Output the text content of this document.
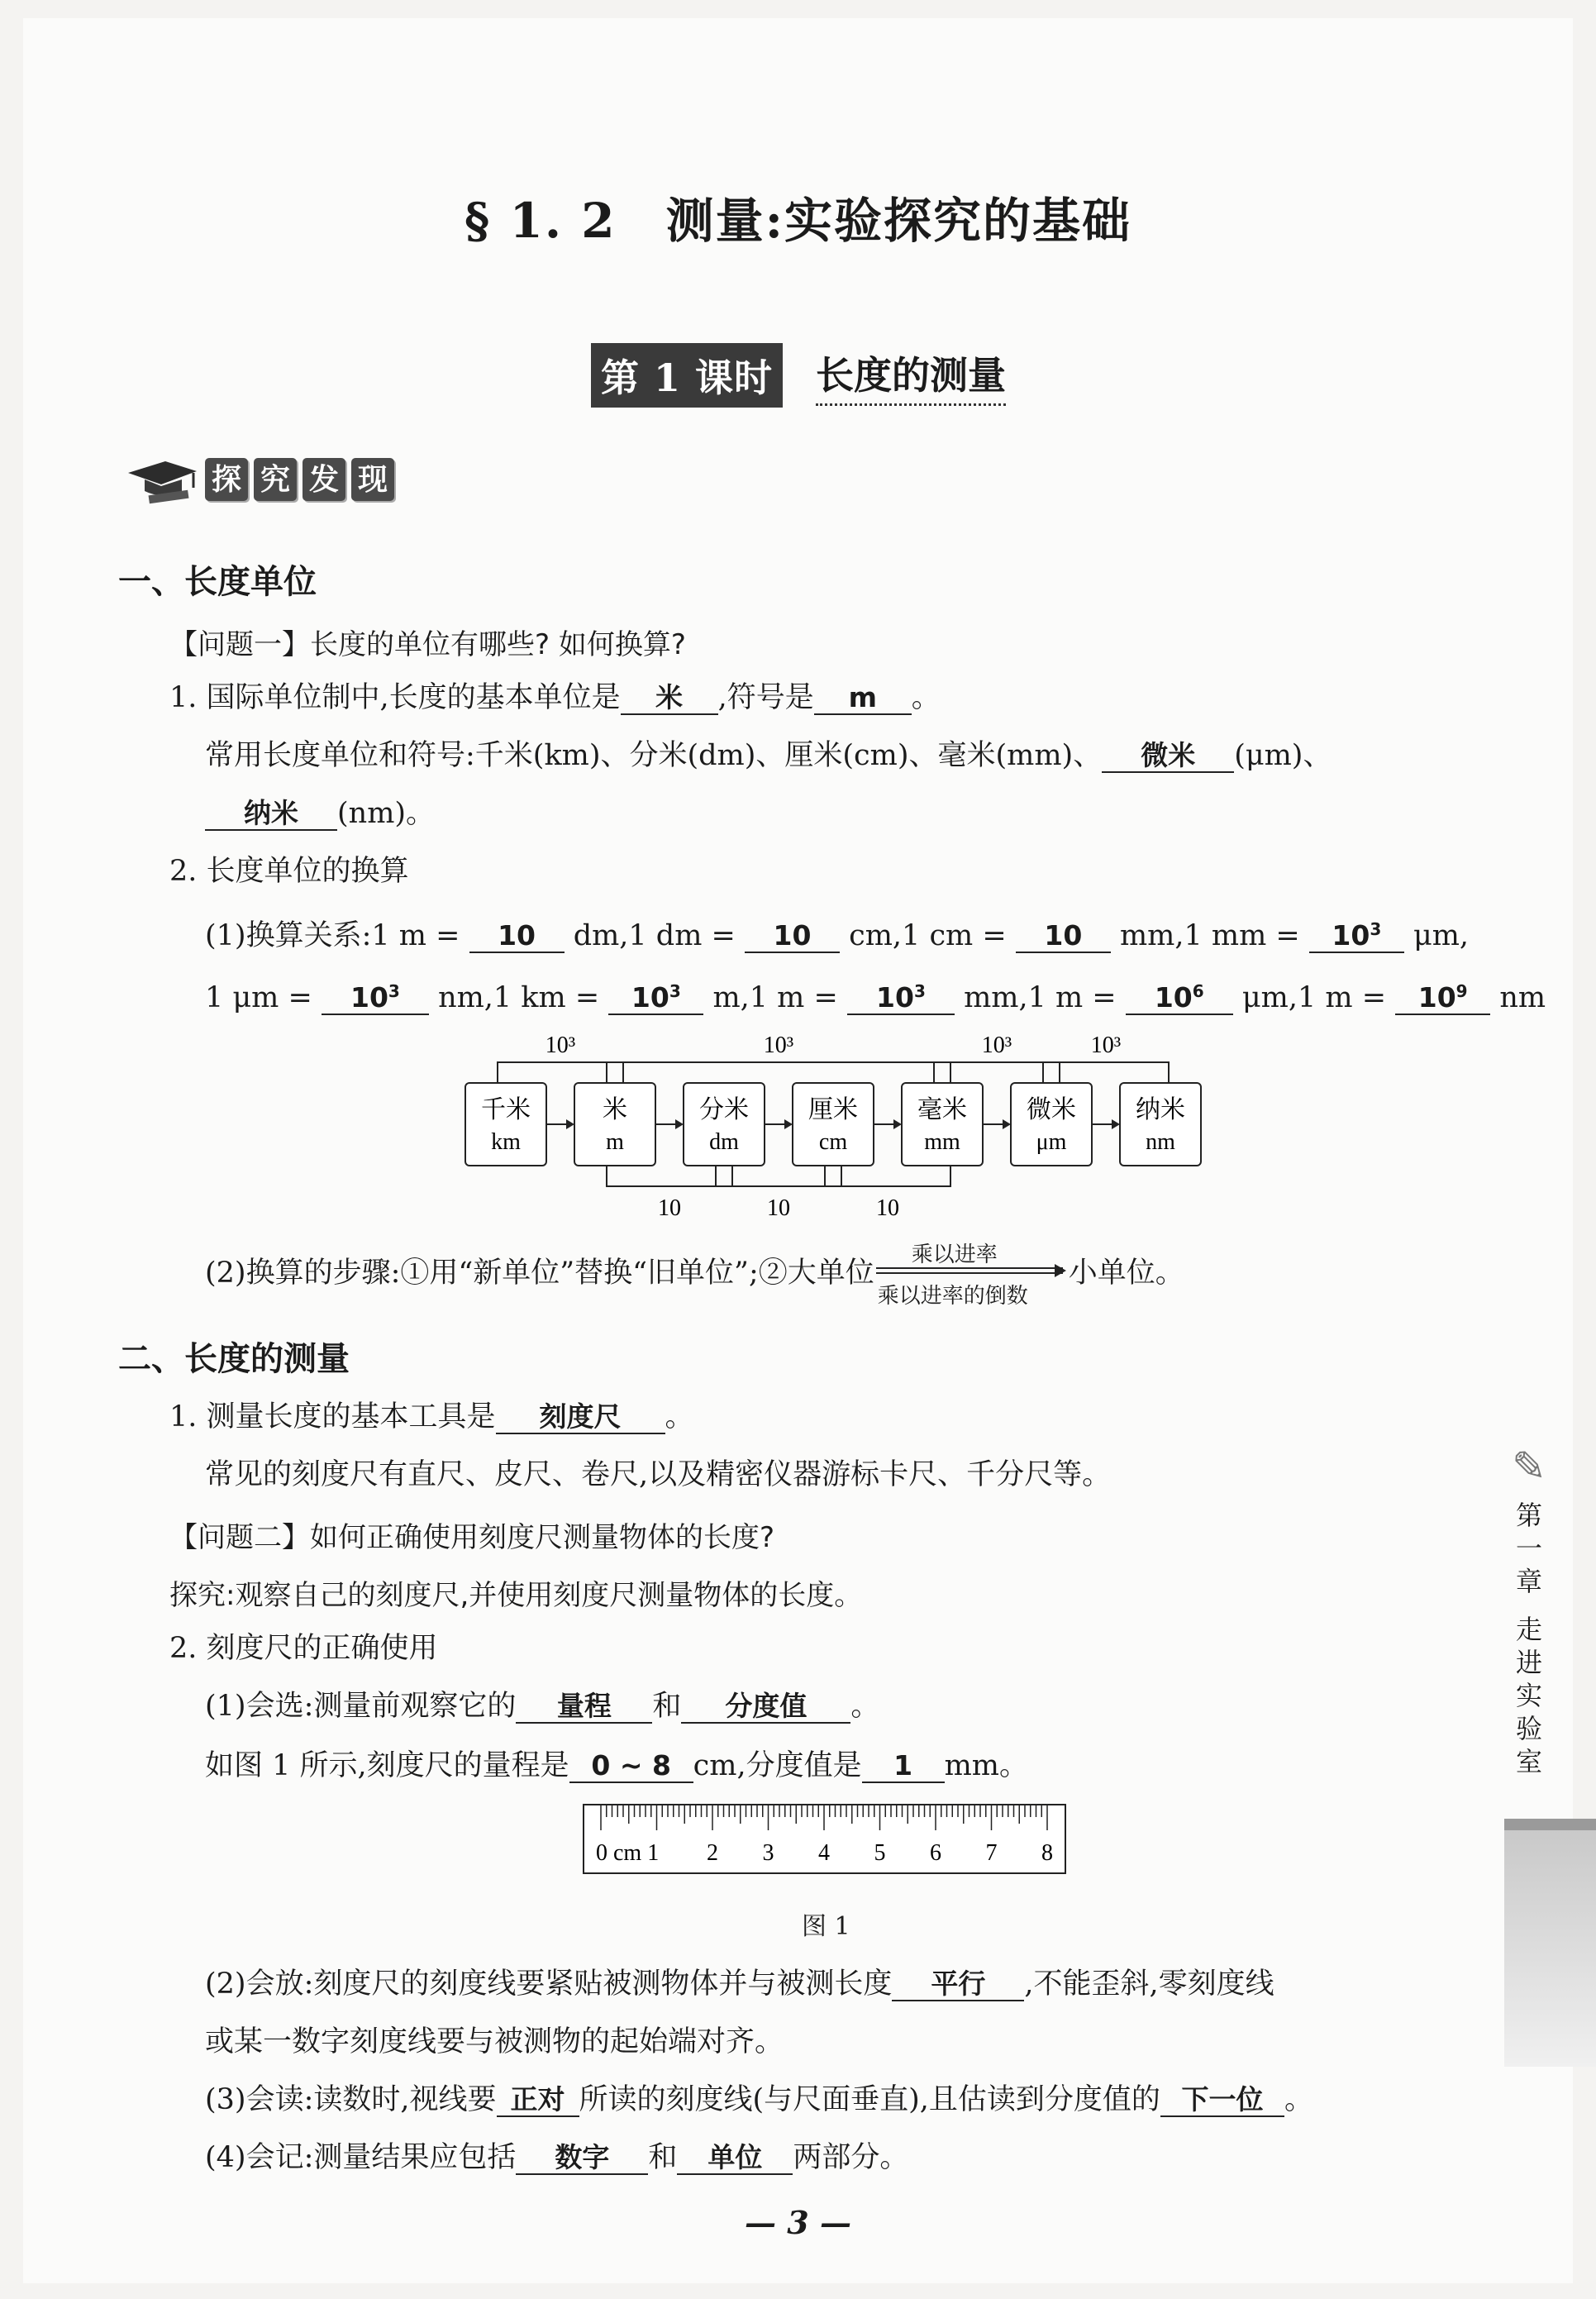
§ 1. 2 测量:实验探究的基础
第 1 课时 长度的测量
探 究 发 现
一、长度单位
【问题一】长度的单位有哪些? 如何换算?
1. 国际单位制中,长度的基本单位是 米 ,符号是 m 。
常用长度单位和符号:千米(km)、分米(dm)、厘米(cm)、毫米(mm)、 微米 (μm)、
纳米 (nm)。
2. 长度单位的换算
(1)换算关系:1 m = 10 dm,1 dm = 10 cm,1 cm = 10 mm,1 mm = $10^3$ μm,
1 $\mu m = 10^3$ nm,1 km = $10^3$ m,1 $m = 10^3$ mm,1 $m = 10^6$ μm,1 $m = 10^9$ nm
千米
km
米
m
分米
dm
厘米
cm
毫米
mm
微米
μm
纳米
nm
10³	10³	10³	10³
10	10	10
(2)换算的步骤:①用“新单位”替换“旧单位”;②大单位
乘以进率
乘以进率的倒数
小单位。
二、长度的测量
1. 测量长度的基本工具是 刻度尺 。
常见的刻度尺有直尺、皮尺、卷尺,以及精密仪器游标卡尺、千分尺等。
【问题二】如何正确使用刻度尺测量物体的长度?
探究:观察自己的刻度尺,并使用刻度尺测量物体的长度。
2. 刻度尺的正确使用
(1)会选:测量前观察它的 量程 和 分度值 。
如图 1 所示,刻度尺的量程是 0 ~ 8 cm,分度值是 1 mm。
0 cm 1 2 3 4 5 6 7 8
图 1
(2)会放:刻度尺的刻度线要紧贴被测物体并与被测长度 平行 ,不能歪斜,零刻度线
或某一数字刻度线要与被测物的起始端对齐。
(3)会读:读数时,视线要 正对 所读的刻度线(与尺面垂直),且估读到分度值的 下一位 。
(4)会记:测量结果应包括 数字 和 单位 两部分。
✎
第
一
章
走
进
实
验
室
— 3 —
